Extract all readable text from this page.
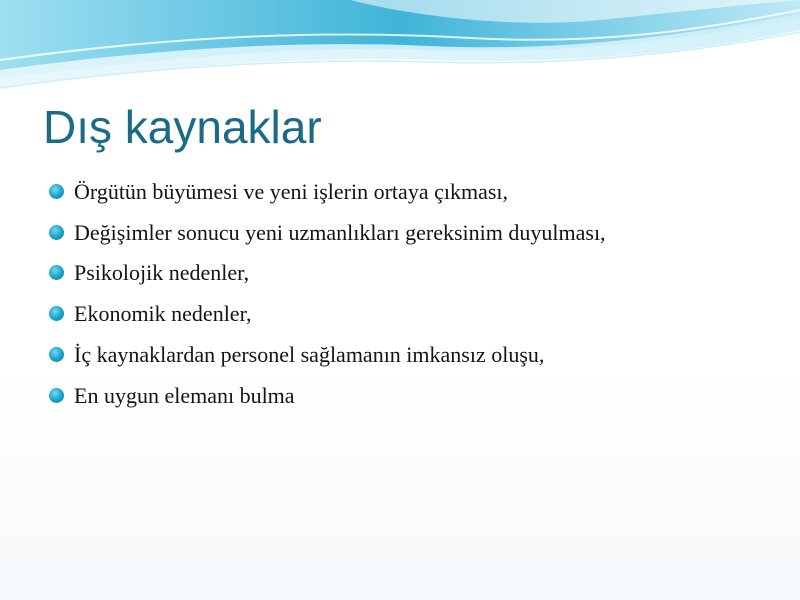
Dış kaynaklar
Örgütün büyümesi ve yeni işlerin ortaya çıkması,
Değişimler sonucu yeni uzmanlıkları gereksinim duyulması,
Psikolojik nedenler,
Ekonomik nedenler,
İç kaynaklardan personel sağlamanın imkansız oluşu,
En uygun elemanı bulma
